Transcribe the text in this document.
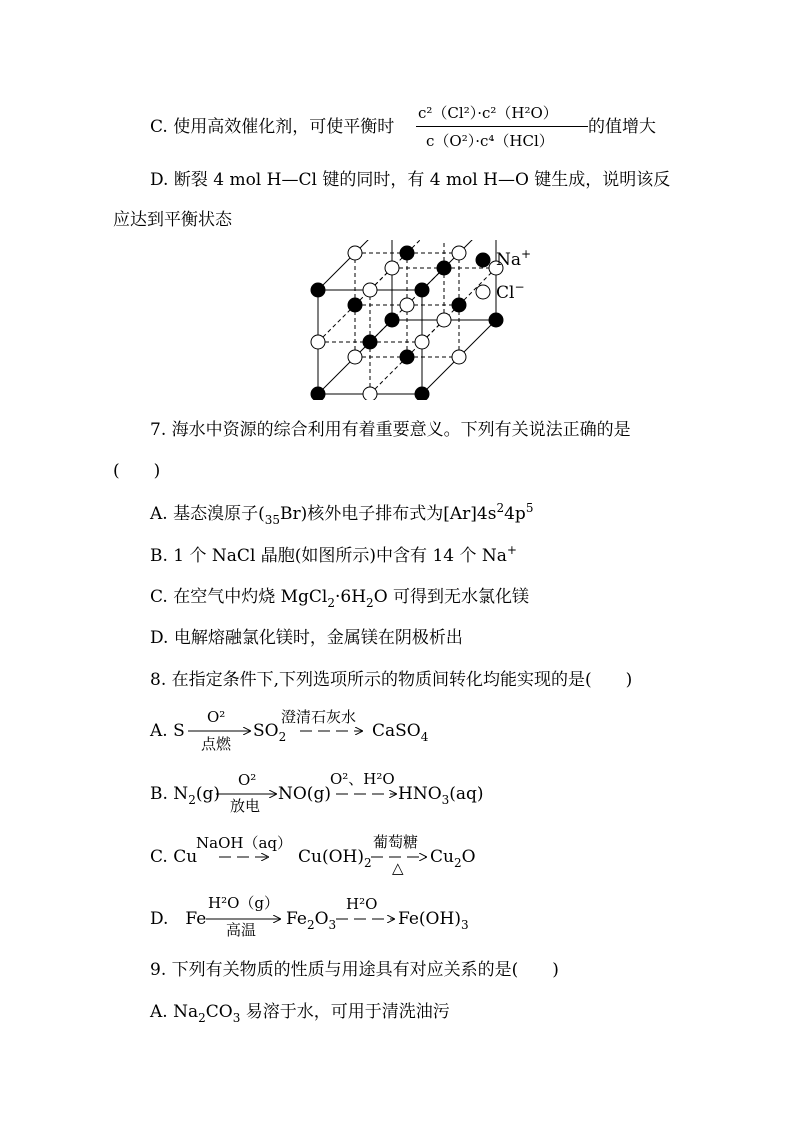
C. 使用高效催化剂，可使平衡时
c²（Cl²）·c²（H²O）
c（O²）·c⁴（HCl）
的值增大
D. 断裂 4 mol H—Cl 键的同时，有 4 mol H—O 键生成，说明该反
应达到平衡状态
Na+
Cl−
7. 海水中资源的综合利用有着重要意义。下列有关说法正确的是
(　　)
A. 基态溴原子$(_{35}Br)$核外电子排布式为$[Ar]4s^24p^5$
B. 1 个 NaCl 晶胞(如图所示)中含有 14 个 Na+
C. 在空气中灼烧 $MgCl_2\cdot 6H_2O$ 可得到无水氯化镁
D. 电解熔融氯化镁时，金属镁在阴极析出
8. 在指定条件下,下列选项所示的物质间转化均能实现的是(　　)
A. S
O²
点燃
$SO_2$
澄清石灰水
CaSO$_4$
B. $N_2(g)$
O²
放电
NO(g)
O²、H²O
$HNO_3(aq)$
C. Cu
NaOH（aq）
$Cu(OH)_2$
葡萄糖
△
$Cu_2O$
D.　Fe
H²O（g）
高温
$Fe_2O_3$
H²O
$Fe(OH)_3$
9. 下列有关物质的性质与用途具有对应关系的是(　　)
A. $Na_2CO_3$ 易溶于水，可用于清洗油污
